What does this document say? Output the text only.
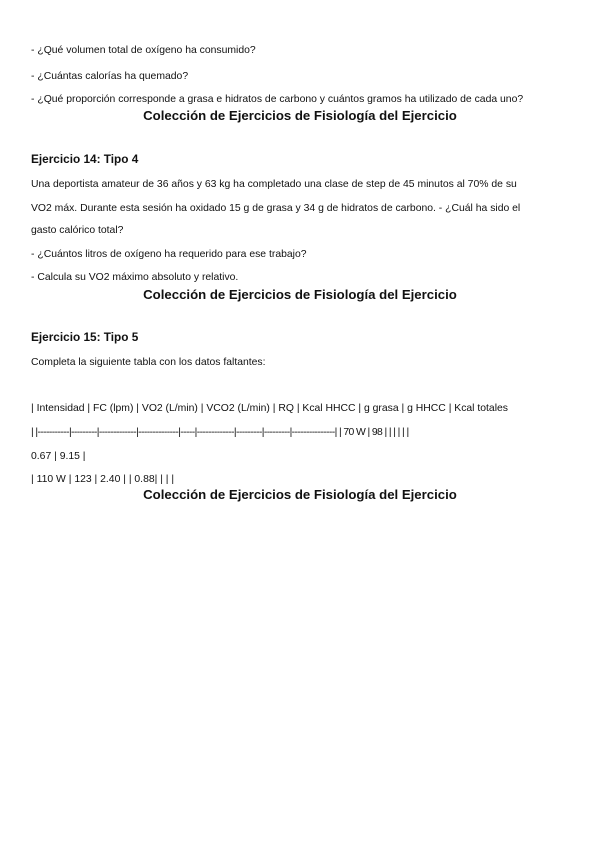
- ¿Qué volumen total de oxígeno ha consumido?
- ¿Cuántas calorías ha quemado?
- ¿Qué proporción corresponde a grasa e hidratos de carbono y cuántos gramos ha utilizado de cada uno?
Colección de Ejercicios de Fisiología del Ejercicio
Ejercicio 14: Tipo 4
Una deportista amateur de 36 años y 63 kg ha completado una clase de step de 45 minutos al 70% de su
VO2 máx. Durante esta sesión ha oxidado 15 g de grasa y 34 g de hidratos de carbono. - ¿Cuál ha sido el
gasto calórico total?
- ¿Cuántos litros de oxígeno ha requerido para ese trabajo?
- Calcula su VO2 máximo absoluto y relativo.
Colección de Ejercicios de Fisiología del Ejercicio
Ejercicio 15: Tipo 5
Completa la siguiente tabla con los datos faltantes:
| Intensidad | FC (lpm) | VO2 (L/min) | VCO2 (L/min) | RQ | Kcal HHCC | g grasa | g HHCC | Kcal totales
| |-----------|---------|-------------|--------------|-----|-------------|---------|---------|---------------| | 70 W | 98 | | | | | |
0.67 | 9.15 |
| 110 W | 123 | 2.40 | | 0.88| | | |
Colección de Ejercicios de Fisiología del Ejercicio
